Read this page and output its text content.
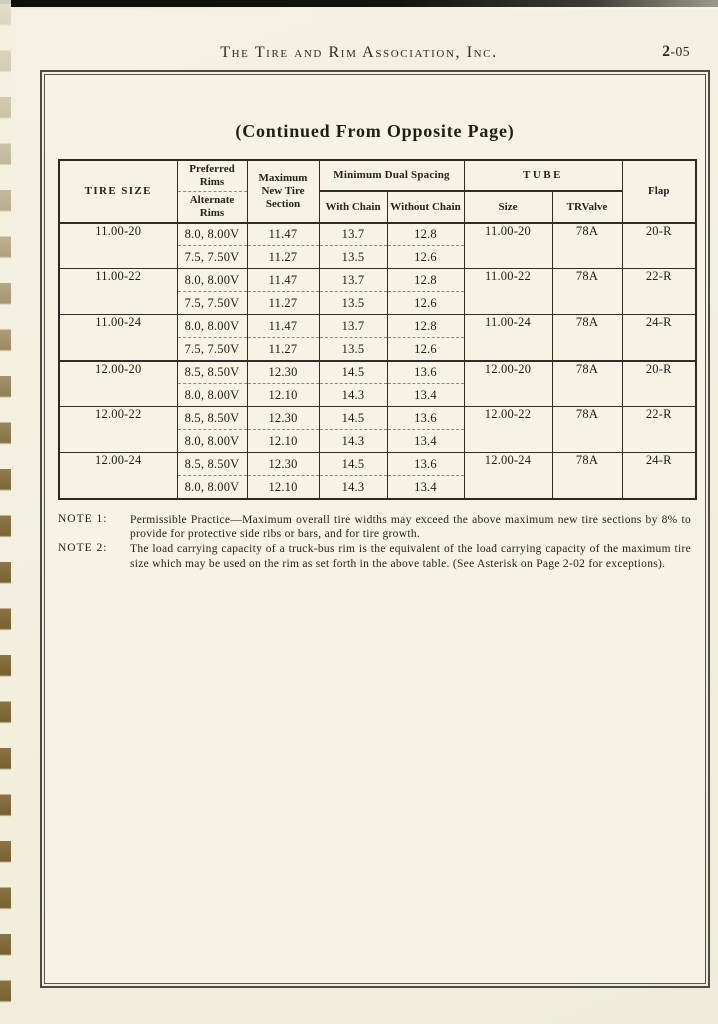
The Tire and Rim Association, Inc.	2-05
(Continued From Opposite Page)
TIRE SIZE	Preferred Rims	Maximum New Tire Section	Minimum Dual Spacing		TUBE		Flap
	Alternate Rims		With Chain	Without Chain	Size	TRValve	
11.00-20	8.0, 8.00V	11.47	13.7	12.8	11.00-20	78A	20-R
	7.5, 7.50V	11.27	13.5	12.6			
11.00-22	8.0, 8.00V	11.47	13.7	12.8	11.00-22	78A	22-R
	7.5, 7.50V	11.27	13.5	12.6			
11.00-24	8.0, 8.00V	11.47	13.7	12.8	11.00-24	78A	24-R
	7.5, 7.50V	11.27	13.5	12.6			
12.00-20	8.5, 8.50V	12.30	14.5	13.6	12.00-20	78A	20-R
	8.0, 8.00V	12.10	14.3	13.4			
12.00-22	8.5, 8.50V	12.30	14.5	13.6	12.00-22	78A	22-R
	8.0, 8.00V	12.10	14.3	13.4			
12.00-24	8.5, 8.50V	12.30	14.5	13.6	12.00-24	78A	24-R
	8.0, 8.00V	12.10	14.3	13.4			
NOTE 1:	Permissible Practice—Maximum overall tire widths may exceed the above maximum new tire sections by 8% to provide for protective side ribs or bars, and for tire growth.
NOTE 2:	The load carrying capacity of a truck-bus rim is the equivalent of the load carrying capacity of the maximum tire size which may be used on the rim as set forth in the above table. (See Asterisk on Page 2-02 for exceptions).
